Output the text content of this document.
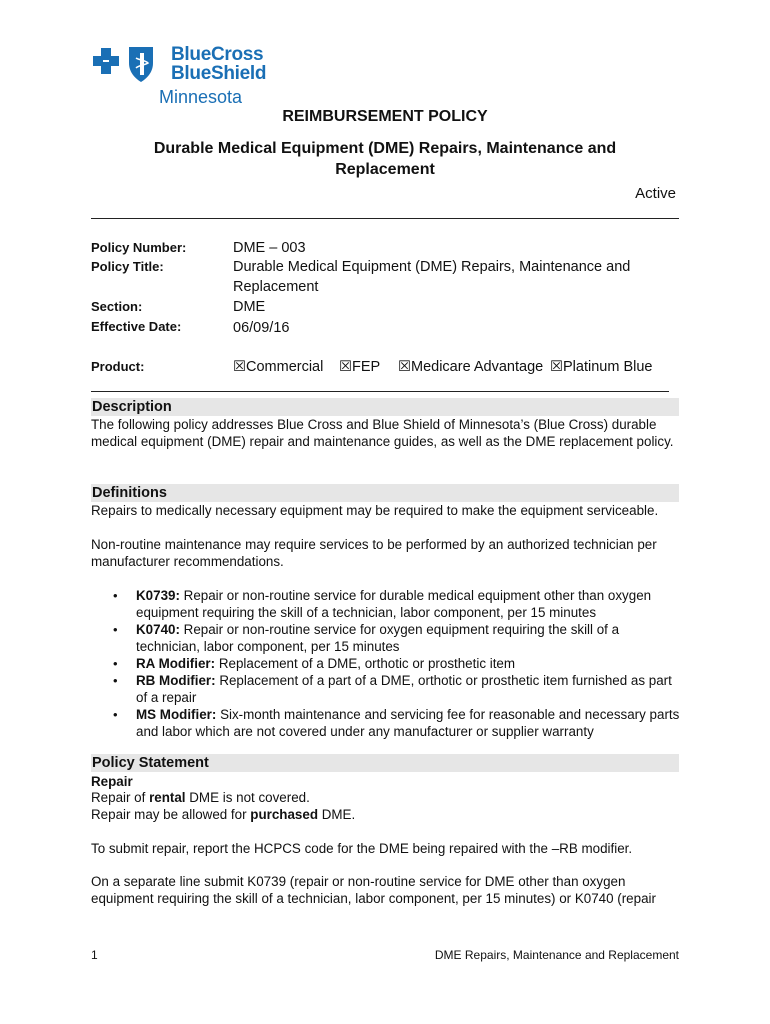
BlueCross
BlueShield
Minnesota
REIMBURSEMENT POLICY
Durable Medical Equipment (DME) Repairs, Maintenance and Replacement
Active
Policy Number:	DME – 003
Policy Title:	Durable Medical Equipment (DME) Repairs, Maintenance and Replacement
Section:	DME
Effective Date:	06/09/16
Product:	☒Commercial ☒FEP ☒Medicare Advantage ☒Platinum Blue
Description
The following policy addresses Blue Cross and Blue Shield of Minnesota’s (Blue Cross) durable medical equipment (DME) repair and maintenance guides, as well as the DME replacement policy.
Definitions
Repairs to medically necessary equipment may be required to make the equipment serviceable.
Non-routine maintenance may require services to be performed by an authorized technician per manufacturer recommendations.
• K0739: Repair or non-routine service for durable medical equipment other than oxygen equipment requiring the skill of a technician, labor component, per 15 minutes
• K0740: Repair or non-routine service for oxygen equipment requiring the skill of a technician, labor component, per 15 minutes
• RA Modifier: Replacement of a DME, orthotic or prosthetic item
• RB Modifier: Replacement of a part of a DME, orthotic or prosthetic item furnished as part of a repair
• MS Modifier: Six-month maintenance and servicing fee for reasonable and necessary parts and labor which are not covered under any manufacturer or supplier warranty
Policy Statement
Repair
Repair of rental DME is not covered.
Repair may be allowed for purchased DME.
To submit repair, report the HCPCS code for the DME being repaired with the –RB modifier.
On a separate line submit K0739 (repair or non-routine service for DME other than oxygen equipment requiring the skill of a technician, labor component, per 15 minutes) or K0740 (repair
1	DME Repairs, Maintenance and Replacement
